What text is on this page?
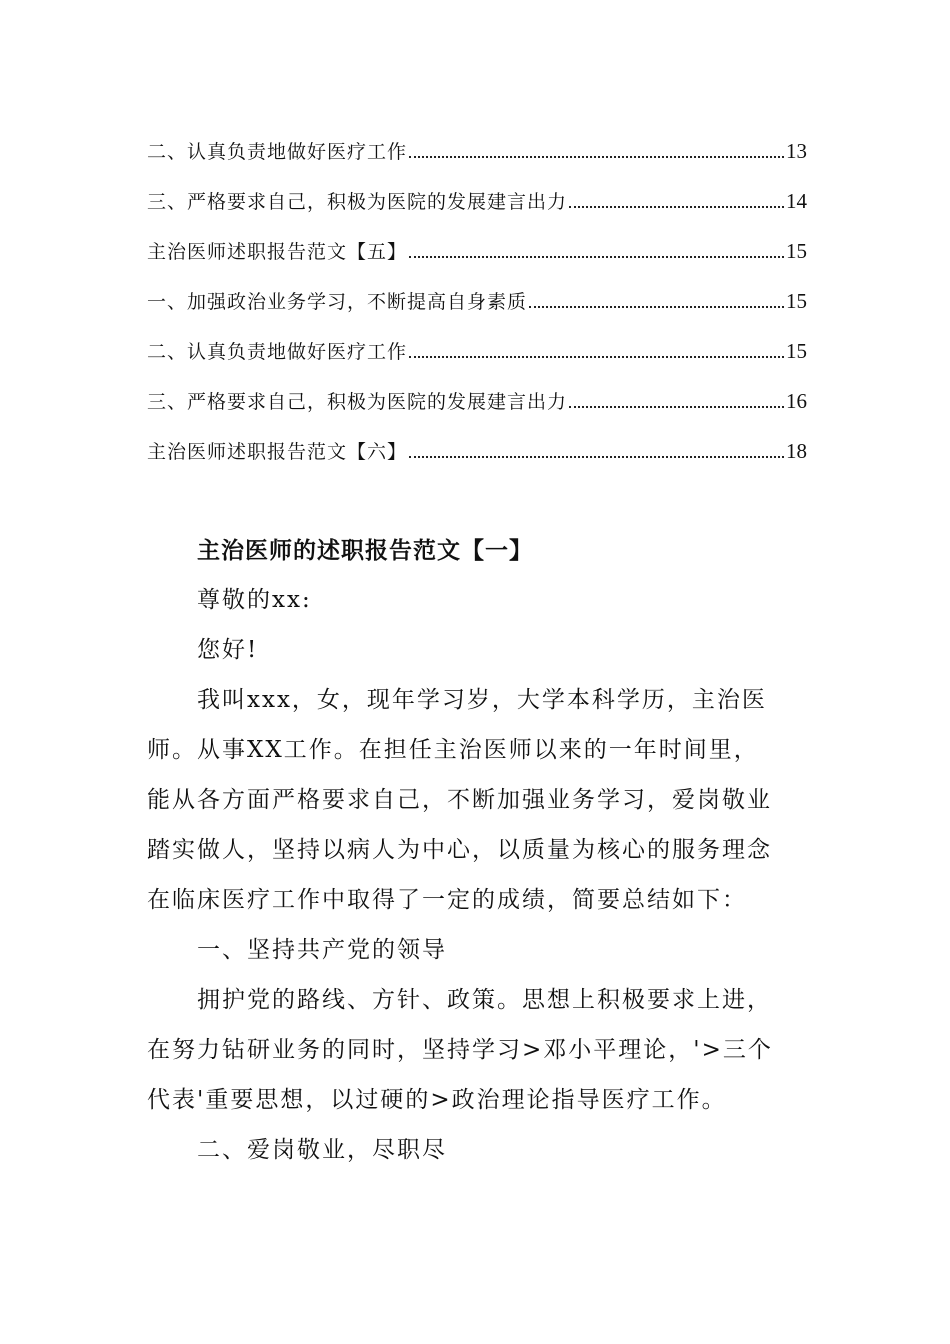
二、认真负责地做好医疗工作	13
三、严格要求自己，积极为医院的发展建言出力	14
主治医师述职报告范文【五】	15
一、加强政治业务学习，不断提高自身素质	15
二、认真负责地做好医疗工作	15
三、严格要求自己，积极为医院的发展建言出力	16
主治医师述职报告范文【六】	18
主治医师的述职报告范文【一】

尊敬的xx:

您好!

我叫xxx，女，现年学习岁，大学本科学历，主治医
师。从事XX工作。在担任主治医师以来的一年时间里，
能从各方面严格要求自己，不断加强业务学习，爱岗敬业
踏实做人，坚持以病人为中心，以质量为核心的服务理念
在临床医疗工作中取得了一定的成绩，简要总结如下：

一、坚持共产党的领导

拥护党的路线、方针、政策。思想上积极要求上进，
在努力钻研业务的同时，坚持学习>邓小平理论，'>三个
代表'重要思想，以过硬的>政治理论指导医疗工作。

二、爱岗敬业，尽职尽
